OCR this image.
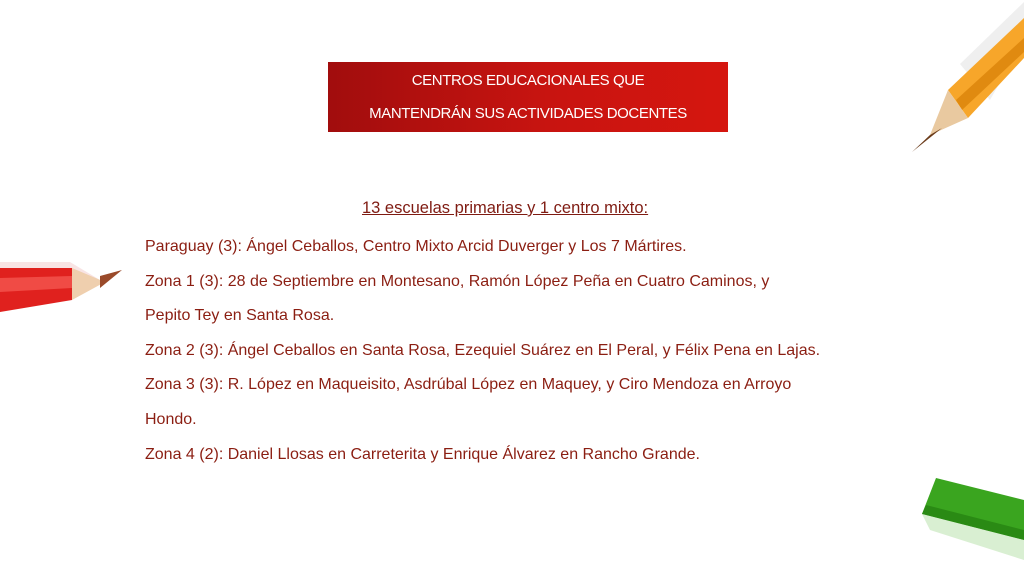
CENTROS EDUCACIONALES QUE
MANTENDRÁN SUS ACTIVIDADES DOCENTES
13 escuelas primarias y 1 centro mixto:

Paraguay (3): Ángel Ceballos, Centro Mixto Arcid Duverger y Los 7 Mártires.

Zona 1 (3): 28 de Septiembre en Montesano, Ramón López Peña en Cuatro Caminos, y

Pepito Tey en Santa Rosa.

Zona 2 (3): Ángel Ceballos en Santa Rosa, Ezequiel Suárez en El Peral, y Félix Pena en Lajas.

Zona 3 (3): R. López en Maqueisito, Asdrúbal López en Maquey, y Ciro Mendoza en Arroyo

Hondo.

Zona 4 (2): Daniel Llosas en Carreterita y Enrique Álvarez en Rancho Grande.
